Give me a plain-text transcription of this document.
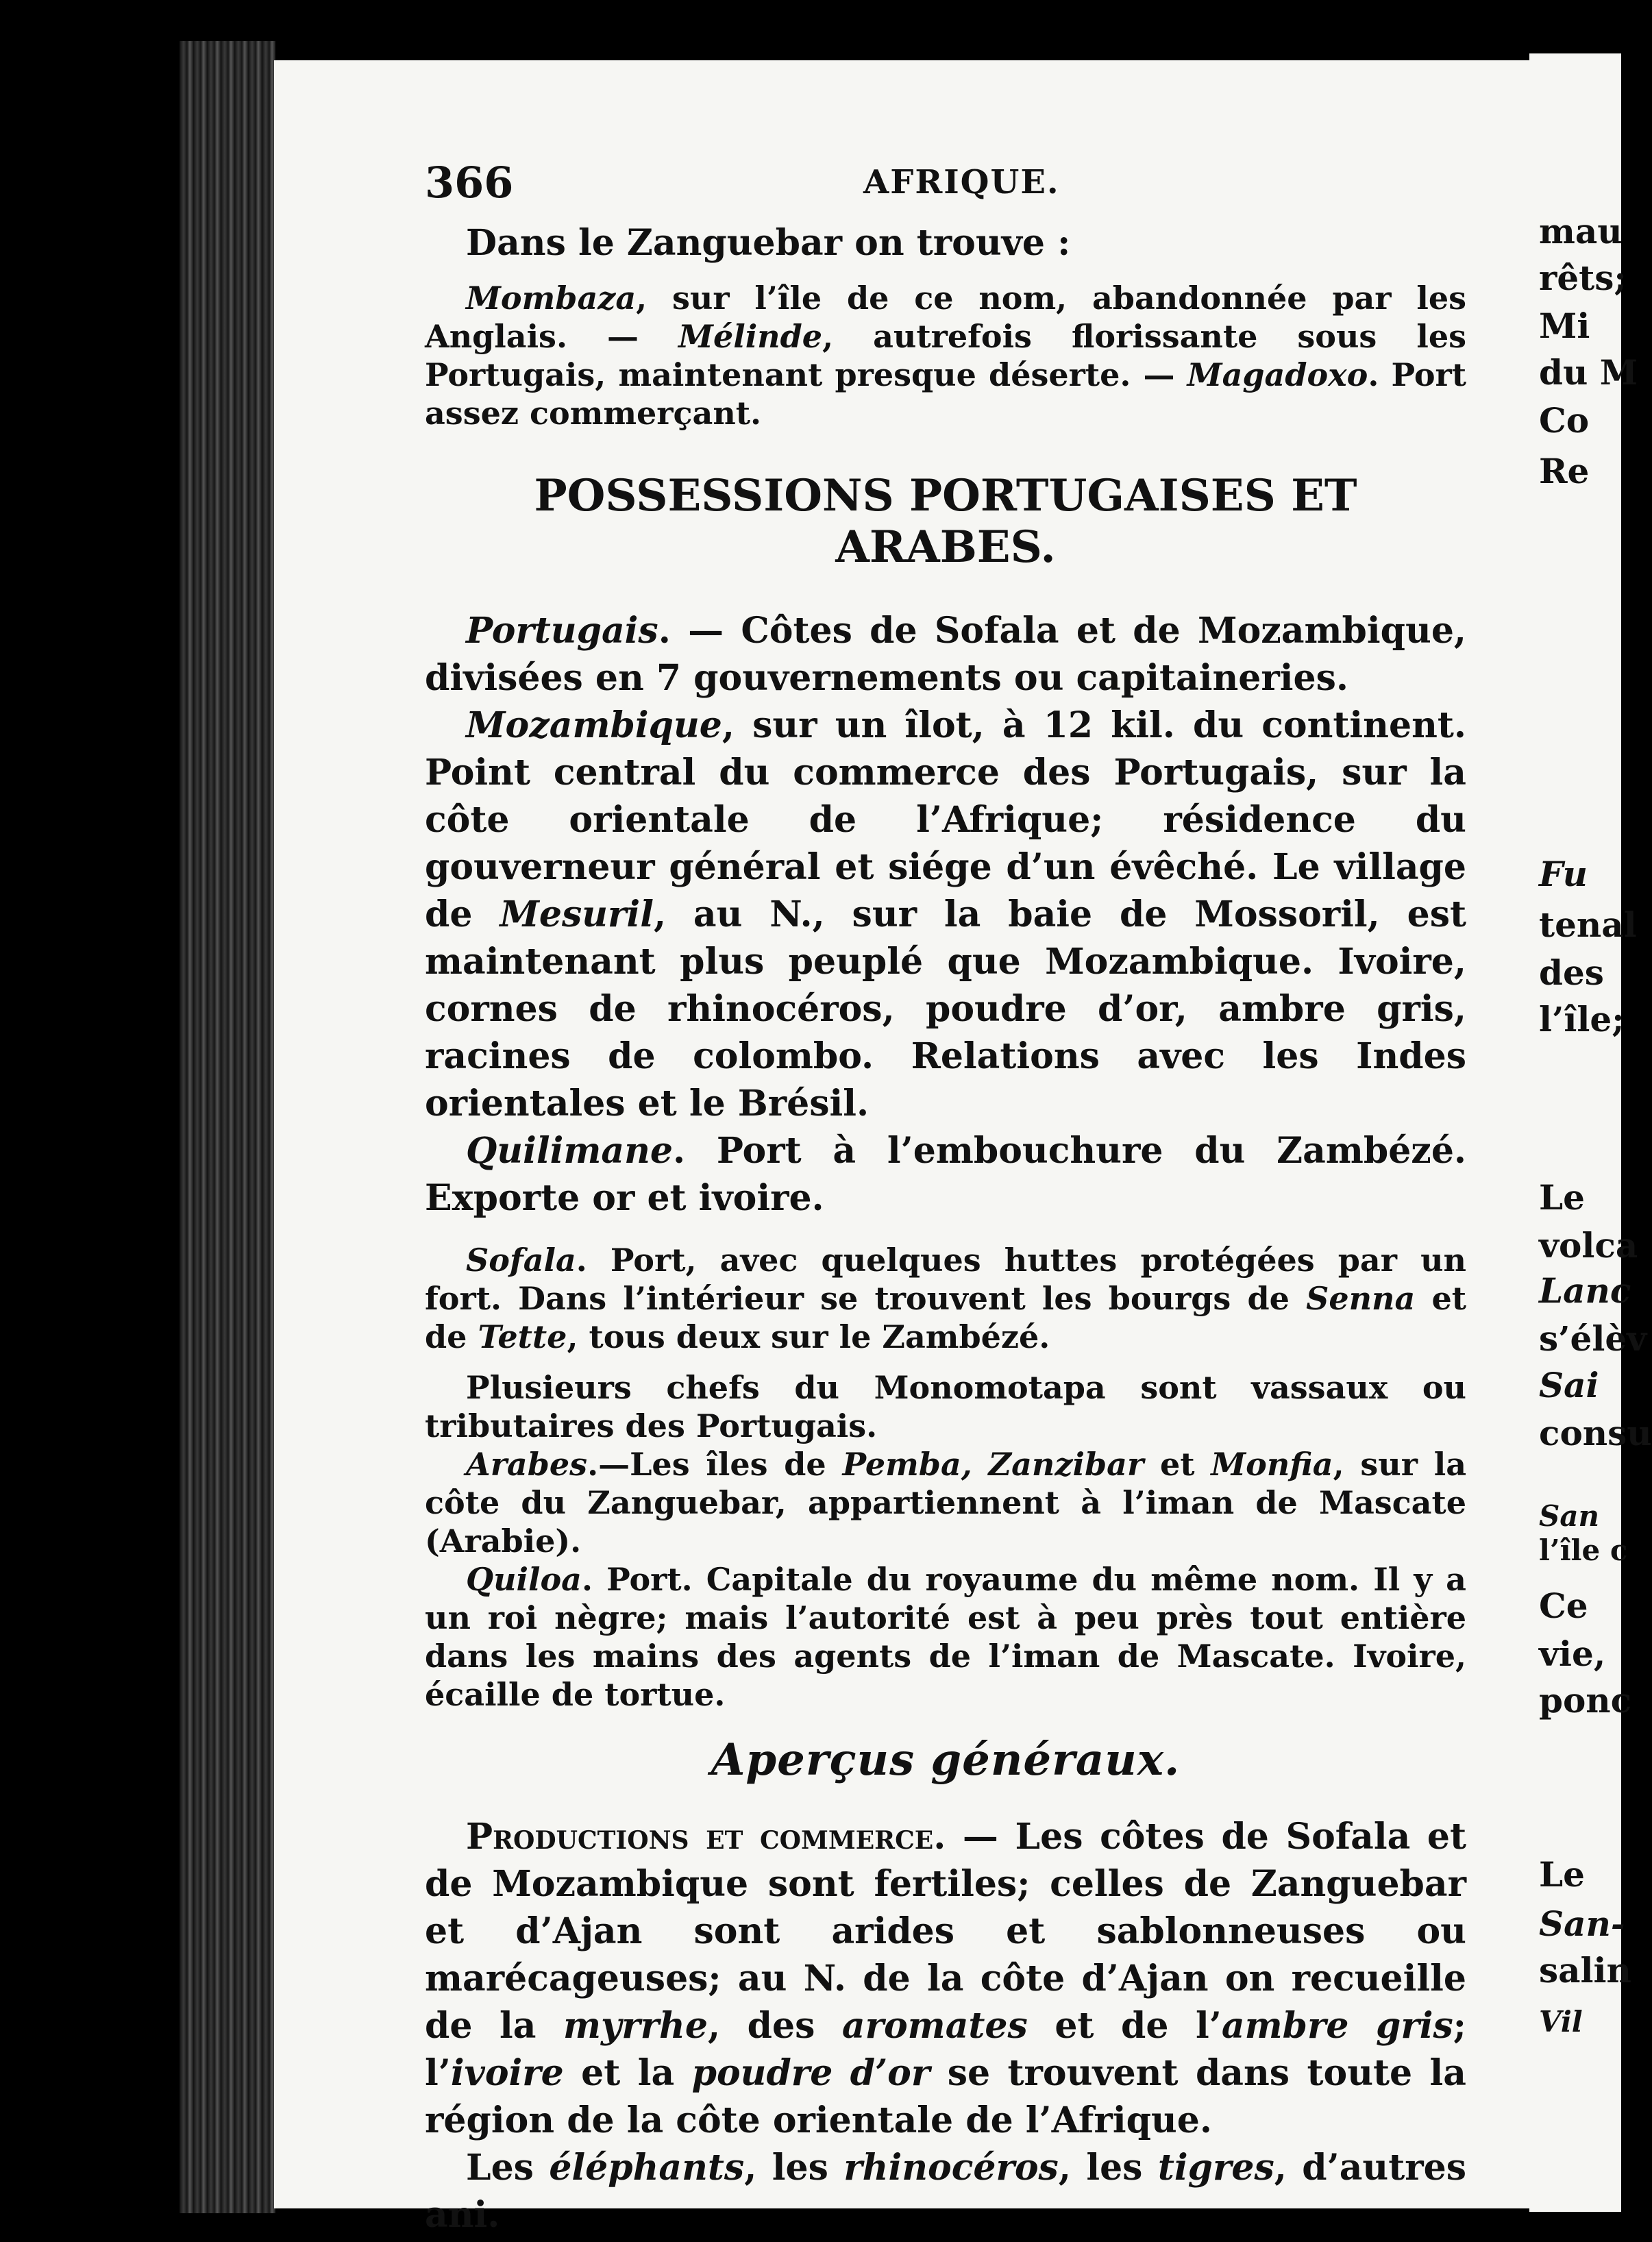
mau
rêts;
Mi
du M
Co
Re
Fu
tenal
des
l’île;
Le
volca
Lanc
s’élèv
Sai
consu
San
l’île c
Ce
vie,
ponc
Le
San-
salin
Vil
366	AFRIQUE.

Dans le Zanguebar on trouve :

Mombaza, sur l’île de ce nom, abandonnée par les Anglais. — Mélinde, autrefois florissante sous les Portugais, maintenant presque déserte. — Magadoxo. Port assez commerçant.

POSSESSIONS PORTUGAISES ET ARABES.

Portugais. — Côtes de Sofala et de Mozambique, divisées en 7 gouvernements ou capitaineries.

Mozambique, sur un îlot, à 12 kil. du continent. Point central du commerce des Portugais, sur la côte orientale de l’Afrique; résidence du gouverneur général et siége d’un évêché. Le village de Mesuril, au N., sur la baie de Mossoril, est maintenant plus peuplé que Mozambique. Ivoire, cornes de rhinocéros, poudre d’or, ambre gris, racines de colombo. Relations avec les Indes orientales et le Brésil.

Quilimane. Port à l’embouchure du Zambézé. Exporte or et ivoire.

Sofala. Port, avec quelques huttes protégées par un fort. Dans l’intérieur se trouvent les bourgs de Senna et de Tette, tous deux sur le Zambézé.

Plusieurs chefs du Monomotapa sont vassaux ou tributaires des Portugais.

Arabes.—Les îles de Pemba, Zanzibar et Monfia, sur la côte du Zanguebar, appartiennent à l’iman de Mascate (Arabie).

Quiloa. Port. Capitale du royaume du même nom. Il y a un roi nègre; mais l’autorité est à peu près tout entière dans les mains des agents de l’iman de Mascate. Ivoire, écaille de tortue.

Aperçus généraux.

Productions et commerce. — Les côtes de Sofala et de Mozambique sont fertiles; celles de Zanguebar et d’Ajan sont arides et sablonneuses ou marécageuses; au N. de la côte d’Ajan on recueille de la myrrhe, des aromates et de l’ambre gris; l’ivoire et la poudre d’or se trouvent dans toute la région de la côte orientale de l’Afrique.

Les éléphants, les rhinocéros, les tigres, d’autres ani.
